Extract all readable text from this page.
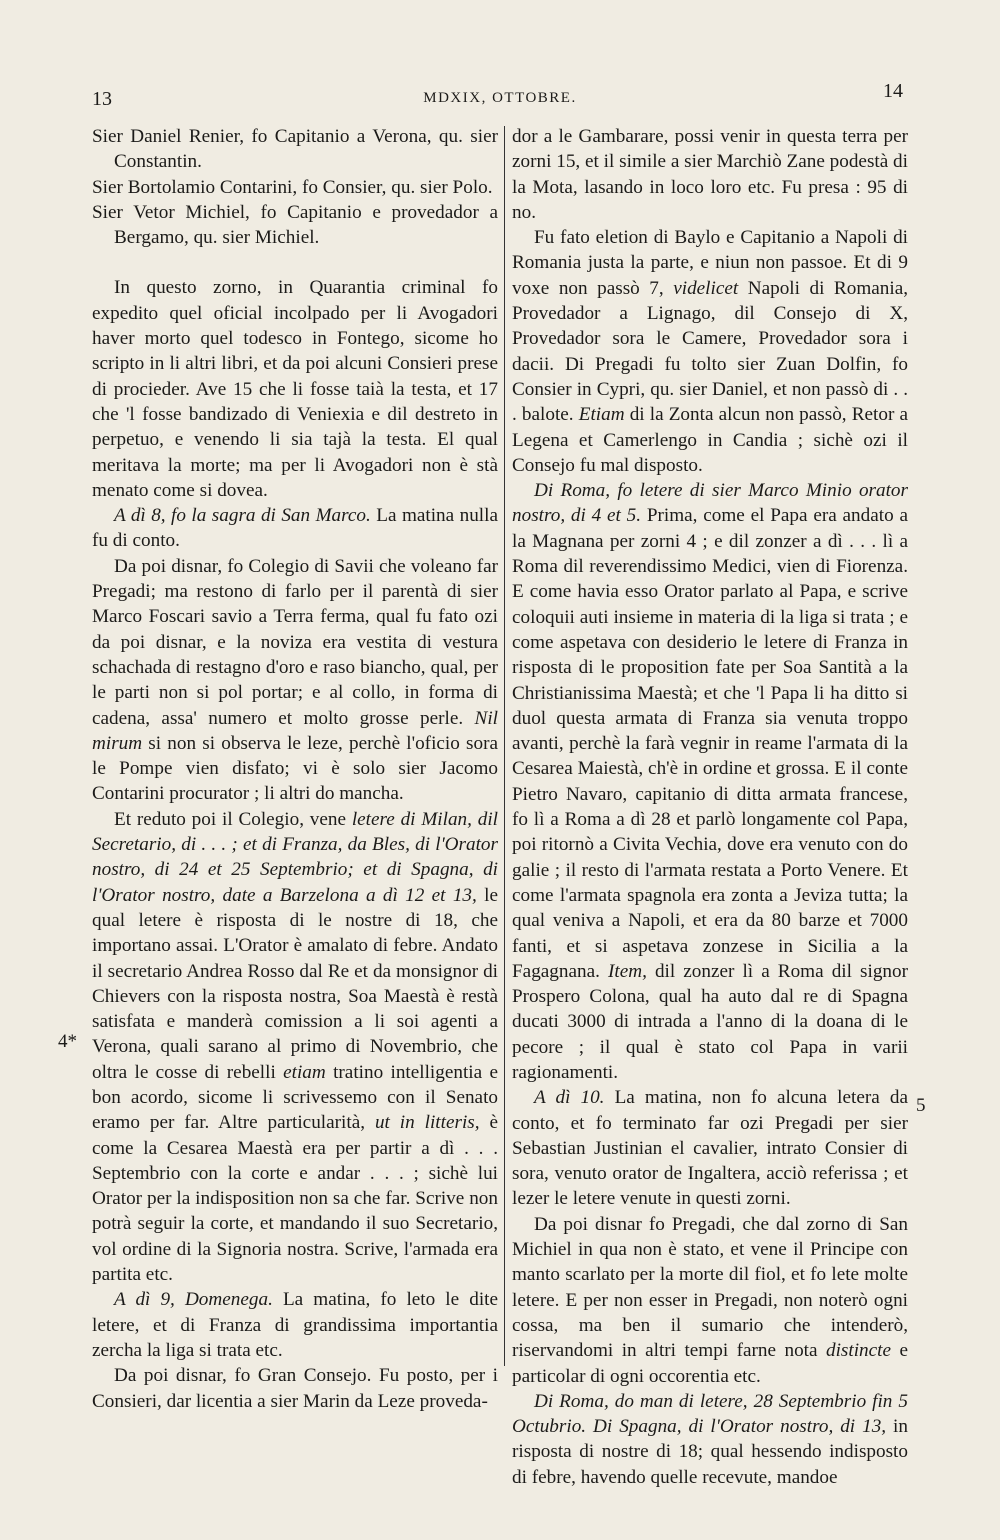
13	MDXIX, OTTOBRE.	14

Sier Daniel Renier, fo Capitanio a Verona, qu. sier Constantin.

Sier Bortolamio Contarini, fo Consier, qu. sier Polo.

Sier Vetor Michiel, fo Capitanio e provedador a Bergamo, qu. sier Michiel.

In questo zorno, in Quarantia criminal fo expedito quel oficial incolpado per li Avogadori haver morto quel todesco in Fontego, sicome ho scripto in li altri libri, et da poi alcuni Consieri prese di procieder. Ave 15 che li fosse taià la testa, et 17 che 'l fosse bandizado di Veniexia e dil destreto in perpetuo, e venendo li sia tajà la testa. El qual meritava la morte; ma per li Avogadori non è stà menato come si dovea.

A dì 8, fo la sagra di San Marco. La matina nulla fu di conto.

Da poi disnar, fo Colegio di Savii che voleano far Pregadi; ma restono di farlo per il parentà di sier Marco Foscari savio a Terra ferma, qual fu fato ozi da poi disnar, e la noviza era vestita di vestura schachada di restagno d'oro e raso biancho, qual, per le parti non si pol portar; e al collo, in forma di cadena, assa' numero et molto grosse perle. Nil mirum si non si observa le leze, perchè l'oficio sora le Pompe vien disfato; vi è solo sier Jacomo Contarini procurator ; li altri do mancha.

Et reduto poi il Colegio, vene letere di Milan, dil Secretario, di . . . ; et di Franza, da Bles, di l'Orator nostro, di 24 et 25 Septembrio; et di Spagna, di l'Orator nostro, date a Barzelona a dì 12 et 13, le qual letere è risposta di le nostre di 18, che importano assai. L'Orator è amalato di febre. Andato il secretario Andrea Rosso dal Re et da monsignor di Chievers con la risposta nostra, Soa Maestà è restà satisfata e manderà comission a li soi agenti a Verona, quali sarano al primo di Novembrio, che oltra le cosse di rebelli etiam tratino intelligentia e bon acordo, sicome li scrivessemo con il Senato eramo per far. Altre particularità, ut in litteris, è come la Cesarea Maestà era per partir a dì . . . Septembrio con la corte e andar . . . ; sichè lui Orator per la indisposition non sa che far. Scrive non potrà seguir la corte, et mandando il suo Secretario, vol ordine di la Signoria nostra. Scrive, l'armada era partita etc.

A dì 9, Domenega. La matina, fo leto le dite letere, et di Franza di grandissima importantia zercha la liga si trata etc.

Da poi disnar, fo Gran Consejo. Fu posto, per i Consieri, dar licentia a sier Marin da Leze proveda-

dor a le Gambarare, possi venir in questa terra per zorni 15, et il simile a sier Marchiò Zane podestà di la Mota, lasando in loco loro etc. Fu presa : 95 di no.

Fu fato eletion di Baylo e Capitanio a Napoli di Romania justa la parte, e niun non passoe. Et di 9 voxe non passò 7, videlicet Napoli di Romania, Provedador a Lignago, dil Consejo di X, Provedador sora le Camere, Provedador sora i dacii. Di Pregadi fu tolto sier Zuan Dolfin, fo Consier in Cypri, qu. sier Daniel, et non passò di . . . balote. Etiam di la Zonta alcun non passò, Retor a Legena et Camerlengo in Candia ; sichè ozi il Consejo fu mal disposto.

Di Roma, fo letere di sier Marco Minio orator nostro, di 4 et 5. Prima, come el Papa era andato a la Magnana per zorni 4 ; e dil zonzer a dì . . . lì a Roma dil reverendissimo Medici, vien di Fiorenza. E come havia esso Orator parlato al Papa, e scrive coloquii auti insieme in materia di la liga si trata ; e come aspetava con desiderio le letere di Franza in risposta di le proposition fate per Soa Santità a la Christianissima Maestà; et che 'l Papa li ha ditto si duol questa armata di Franza sia venuta troppo avanti, perchè la farà vegnir in reame l'armata di la Cesarea Maiestà, ch'è in ordine et grossa. E il conte Pietro Navaro, capitanio di ditta armata francese, fo lì a Roma a dì 28 et parlò longamente col Papa, poi ritornò a Civita Vechia, dove era venuto con do galie ; il resto di l'armata restata a Porto Venere. Et come l'armata spagnola era zonta a Jeviza tutta; la qual veniva a Napoli, et era da 80 barze et 7000 fanti, et si aspetava zonzese in Sicilia a la Fagagnana. Item, dil zonzer lì a Roma dil signor Prospero Colona, qual ha auto dal re di Spagna ducati 3000 di intrada a l'anno di la doana di le pecore ; il qual è stato col Papa in varii ragionamenti.

A dì 10. La matina, non fo alcuna letera da conto, et fo terminato far ozi Pregadi per sier Sebastian Justinian el cavalier, intrato Consier di sora, venuto orator de Ingaltera, acciò referissa ; et lezer le letere venute in questi zorni.

Da poi disnar fo Pregadi, che dal zorno di San Michiel in qua non è stato, et vene il Principe con manto scarlato per la morte dil fiol, et fo lete molte letere. E per non esser in Pregadi, non noterò ogni cossa, ma ben il sumario che intenderò, riservandomi in altri tempi farne nota distincte e particolar di ogni occorentia etc.

Di Roma, do man di letere, 28 Septembrio fin 5 Octubrio. Di Spagna, di l'Orator nostro, di 13, in risposta di nostre di 18; qual hessendo indisposto di febre, havendo quelle recevute, mandoe

4*
5
